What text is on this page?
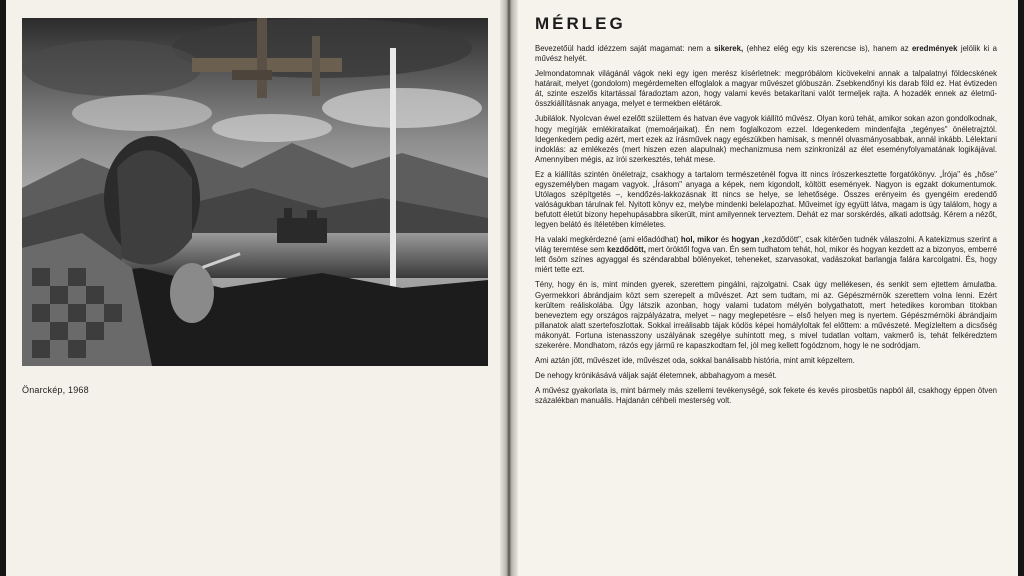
Önarckép, 1968
MÉRLEG

Bevezetőül hadd idézzem saját magamat: nem a sikerek, (ehhez elég egy kis szerencse is), hanem az eredmények jelölik ki a művész helyét.

Jelmondatomnak világánál vágok neki egy igen merész kísérletnek: megpróbálom kicövekelni annak a talpalatnyi földecskének határait, melyet (gondolom) megérdemelten elfoglalok a magyar művészet glóbuszán. Zsebkendőnyi kis darab föld ez. Hat évtizeden át, szinte eszelős kitartással fáradoztam azon, hogy valami kevés betakarítani valót termeljek rajta. A hozadék ennek az életmű-összkiállításnak anyaga, melyet e termekben elétárok.

Jubilálok. Nyolcvan éwel ezelőtt születtem és hatvan éve vagyok kiállító művész. Olyan korú tehát, amikor sokan azon gondolkodnak, hogy megírják emlékirataikat (memoárjaikat). Én nem foglalkozom ezzel. Idegenkedem mindenfajta „tegényes" önéletrajztól. Idegenkedem pedig azért, mert ezek az írásművek nagy egészükben hamisak, s mennél olvasmányosabbak, annál inkább. Lélektani indoklás: az emlékezés (mert hiszen ezen alapulnak) mechanizmusa nem szinkronizál az élet eseményfolyamatának logikájával. Amennyiben mégis, az írói szerkesztés, tehát mese.

Ez a kiállítás szintén önéletrajz, csakhogy a tartalom természeténél fogva itt nincs írószerkesztette forgatókönyv. „Írója" és „hőse" egyszemélyben magam vagyok. „Írásom" anyaga a képek, nem kigondolt, költött események. Nagyon is egzakt dokumentumok. Utólagos szépítgetés –, kendőzés-lakkozásnak itt nincs se helye, se lehetősége. Összes erényeim és gyengéim eredendő valóságukban tárulnak fel. Nyitott könyv ez, melybe mindenki belelapozhat. Műveimet így együtt látva, magam is úgy találom, hogy a befutott életút bizony hepehupásabbra sikerült, mint amilyennek terveztem. Dehát ez mar sorskérdés, alkati adottság. Kérem a nézőt, legyen belátó és ítéletében kíméletes.

Ha valaki megkérdezné (ami előadódhat) hol, mikor és hogyan „kezdődött", csak kitérően tudnék válaszolni. A katekizmus szerint a világ teremtése sem kezdődött, mert öröktől fogva van. Én sem tudhatom tehát, hol, mikor és hogyan kezdett az a bizonyos, emberré lett ősöm színes agyaggal és széndarabbal bölényeket, teheneket, szarvasokat, vadászokat barlangja falára karcolgatni. És, hogy miért tette ezt.

Tény, hogy én is, mint minden gyerek, szerettem pingálni, rajzolgatni. Csak úgy mellékesen, és senkit sem ejtettem ámulatba. Gyermekkori ábrándjaim közt sem szerepelt a művészet. Azt sem tudtam, mi az. Gépészmérnök szerettem volna lenni. Ezért kerültem reáliskolába. Úgy látszik azonban, hogy valami tudatom mélyén bolygathatott, mert hetedikes koromban titokban beneveztem egy országos rajzpályázatra, melyet – nagy meglepetésre – első helyen meg is nyertem. Gépészmérnöki ábrándjaim pillanatok alatt szertefoszlottak. Sokkal irreálisabb tájak ködös képei homályloltak fel előttem: a művészeté. Megízleltem a dicsőség mákonyát. Fortuna istenasszony uszályának szegélye suhintott meg, s mivel tudatlan voltam, vakmerő is, tehát felkéredztem szekerére. Mondhatom, rázós egy jármű re kapaszkodtam fel, jól meg kellett fogódznom, hogy le ne sodródjam.

Ami aztán jött, művészet ide, művészet oda, sokkal banálisabb história, mint amit képzeltem.

De nehogy krónikásává váljak saját életemnek, abbahagyom a mesét.

A művész gyakorlata is, mint bármely más szellemi tevékenységé, sok fekete és kevés pirosbetűs napból áll, csakhogy éppen ötven százalékban manuális. Hajdanán céhbeli mesterség volt.
